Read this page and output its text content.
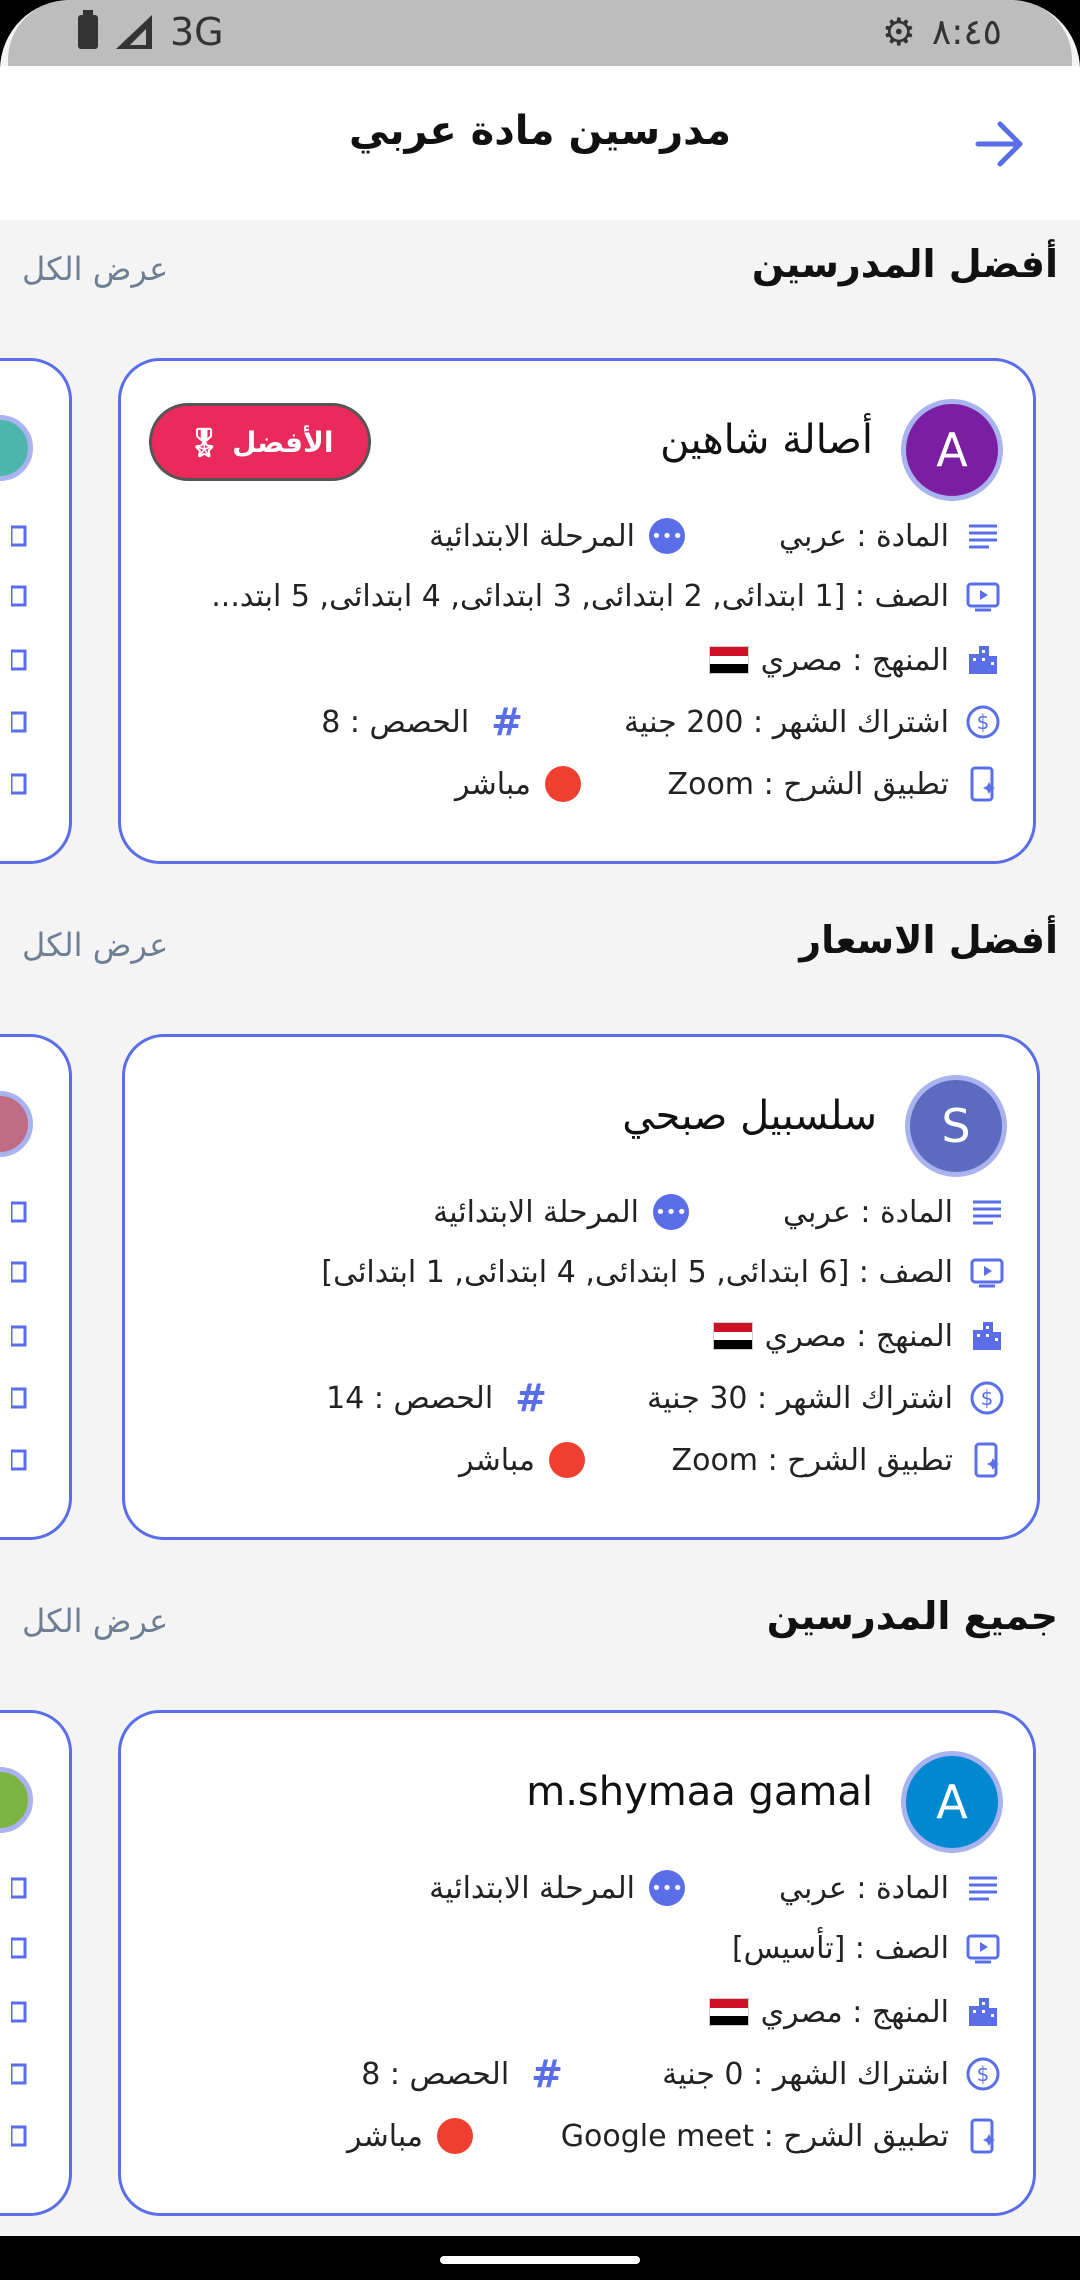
3G	⚙ ٨:٤٥
مدرسين مادة عربي
أفضل المدرسين
عرض الكل
A
أصالة شاهين
الأفضل
🎖
المادة : عربي
•••
المرحلة الابتدائية
الصف : [1 ابتدائى, 2 ابتدائى, 3 ابتدائى, 4 ابتدائى, 5 ابتد...
المنهج : مصري
$
اشتراك الشهر : 200 جنية
#
الحصص : 8
تطبيق الشرح : Zoom
مباشر
أفضل الاسعار
عرض الكل
S
سلسبيل صبحي
المادة : عربي
•••
المرحلة الابتدائية
الصف : [6 ابتدائى, 5 ابتدائى, 4 ابتدائى, 1 ابتدائى]
المنهج : مصري
$
اشتراك الشهر : 30 جنية
#
الحصص : 14
تطبيق الشرح : Zoom
مباشر
جميع المدرسين
عرض الكل
A
m.shymaa gamal
المادة : عربي
•••
المرحلة الابتدائية
الصف : [تأسيس]
المنهج : مصري
$
اشتراك الشهر : 0 جنية
#
الحصص : 8
تطبيق الشرح : Google meet
مباشر
